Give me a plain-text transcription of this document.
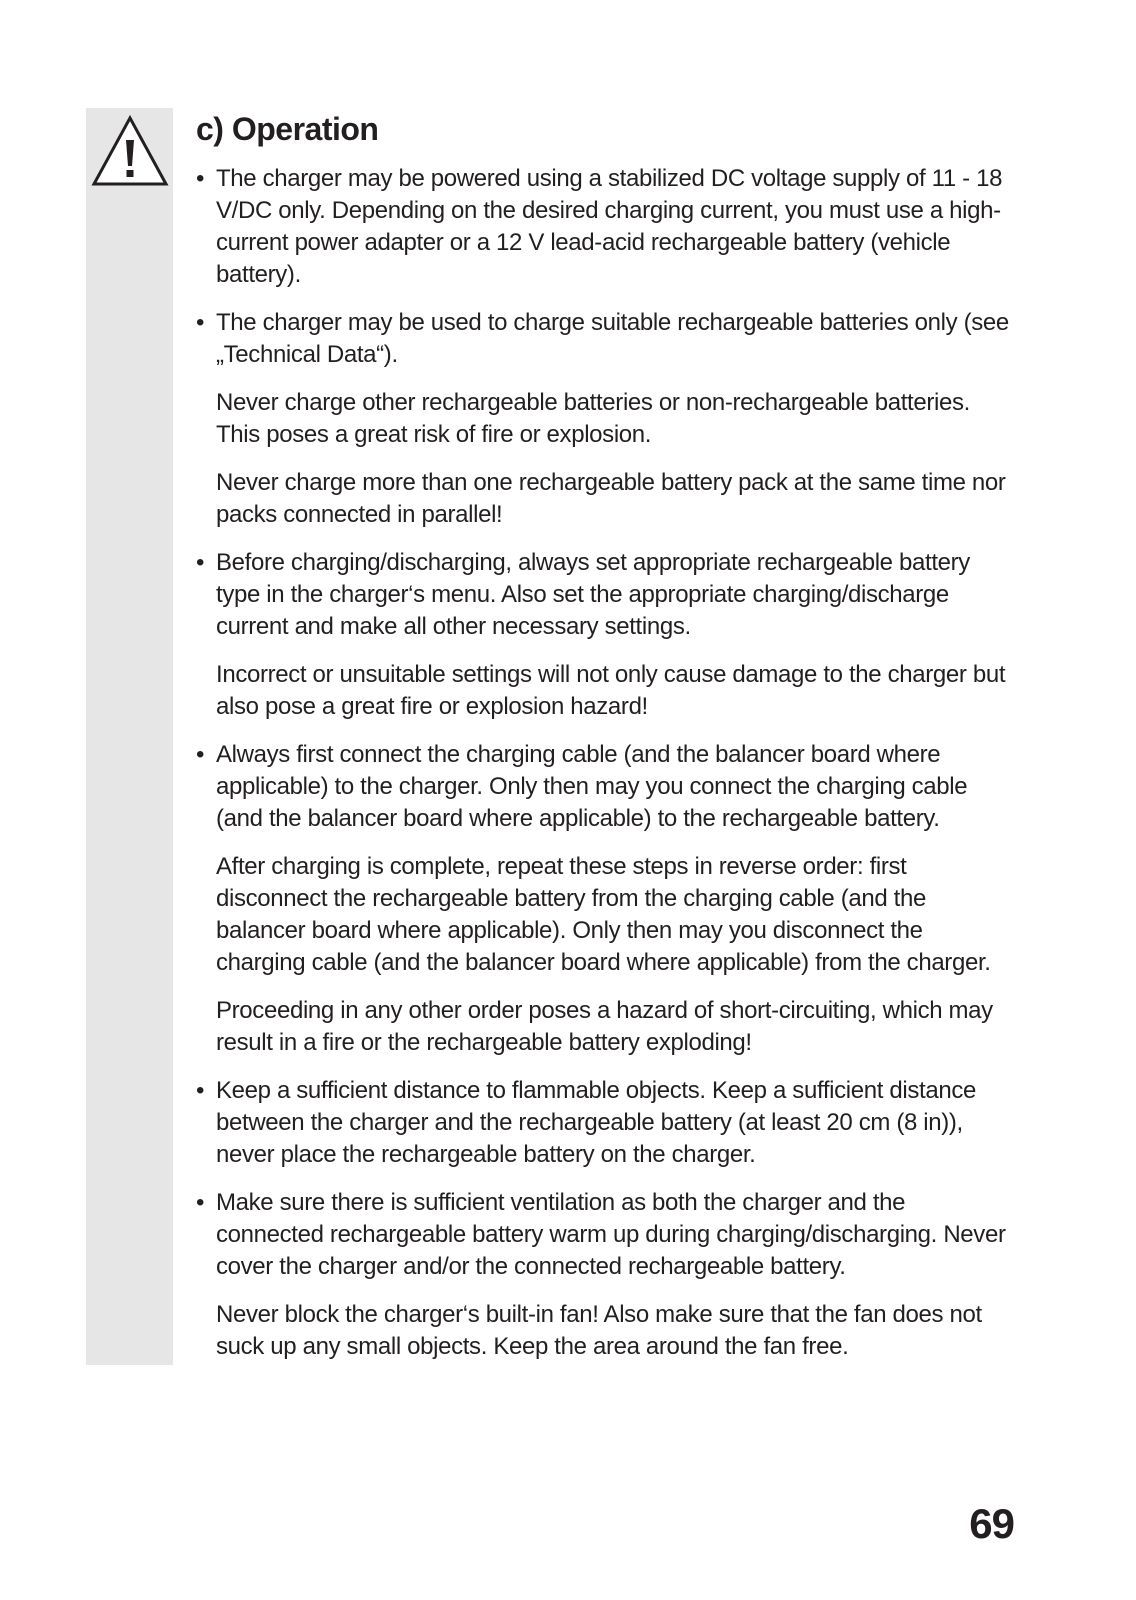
c) Operation
• The charger may be powered using a stabilized DC voltage supply of 11 - 18 V/DC only. Depending on the desired charging current, you must use a high-current power adapter or a 12 V lead-acid rechargeable battery (vehicle battery).

• The charger may be used to charge suitable rechargeable batteries only (see „Technical Data“).

Never charge other rechargeable batteries or non-rechargeable batteries. This poses a great risk of fire or explosion.

Never charge more than one rechargeable battery pack at the same time nor packs connected in parallel!

• Before charging/discharging, always set appropriate rechargeable battery type in the charger‘s menu. Also set the appropriate charging/discharge current and make all other necessary settings.

Incorrect or unsuitable settings will not only cause damage to the charger but also pose a great fire or explosion hazard!

• Always first connect the charging cable (and the balancer board where applicable) to the charger. Only then may you connect the charging cable (and the balancer board where applicable) to the rechargeable battery.

After charging is complete, repeat these steps in reverse order: first disconnect the rechargeable battery from the charging cable (and the balancer board where applicable). Only then may you disconnect the charging cable (and the balancer board where applicable) from the charger.

Proceeding in any other order poses a hazard of short-circuiting, which may result in a fire or the rechargeable battery exploding!

• Keep a sufficient distance to flammable objects. Keep a sufficient distance between the charger and the rechargeable battery (at least 20 cm (8 in)), never place the rechargeable battery on the charger.

• Make sure there is sufficient ventilation as both the charger and the connected rechargeable battery warm up during charging/discharging. Never cover the charger and/or the connected rechargeable battery.

Never block the charger‘s built-in fan! Also make sure that the fan does not suck up any small objects. Keep the area around the fan free.

69
